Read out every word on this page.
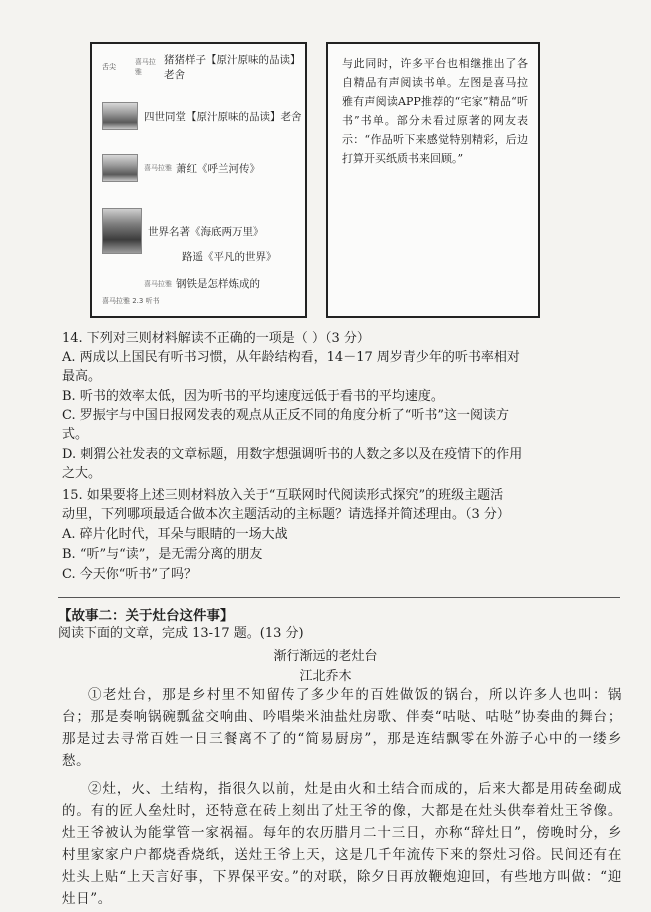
舌尖
喜马拉雅
猪猪样子【原汁原味的品读】老舍
四世同堂【原汁原味的品读】老舍
喜马拉雅 萧红《呼兰河传》
世界名著《海底两万里》
路遥《平凡的世界》
喜马拉雅 钢铁是怎样炼成的
喜马拉雅 2.3 听书
与此同时，许多平台也相继推出了各自精品有声阅读书单。左图是喜马拉雅有声阅读APP推荐的“宅家”精品“听书”书单。部分未看过原著的网友表示：“作品听下来感觉特别精彩，后边打算开买纸质书来回顾。”
14. 下列对三则材料解读不正确的一项是（ ）（3 分）
A. 两成以上国民有听书习惯，从年龄结构看，14－17 周岁青少年的听书率相对
最高。
B. 听书的效率太低，因为听书的平均速度远低于看书的平均速度。
C. 罗振宇与中国日报网发表的观点从正反不同的角度分析了“听书”这一阅读方
式。
D. 刺猬公社发表的文章标题，用数字想强调听书的人数之多以及在疫情下的作用
之大。
15. 如果要将上述三则材料放入关于“互联网时代阅读形式探究”的班级主题活
动里，下列哪项最适合做本次主题活动的主标题？请选择并简述理由。（3 分）
A. 碎片化时代，耳朵与眼睛的一场大战
B. “听”与“读”，是无需分离的朋友
C. 今天你“听书”了吗？
【故事二：关于灶台这件事】
阅读下面的文章，完成 13-17 题。(13 分)
渐行渐远的老灶台
江北乔木
①老灶台，那是乡村里不知留传了多少年的百姓做饭的锅台，所以许多人也叫：锅台；那是奏响锅碗瓢盆交响曲、吟唱柴米油盐灶房歌、伴奏“咕哒、咕哒”协奏曲的舞台；那是过去寻常百姓一日三餐离不了的“简易厨房”，那是连结飘零在外游子心中的一缕乡愁。
②灶，火、土结构，指很久以前，灶是由火和土结合而成的，后来大都是用砖垒砌成的。有的匠人垒灶时，还特意在砖上刻出了灶王爷的像，大都是在灶头供奉着灶王爷像。灶王爷被认为能掌管一家祸福。每年的农历腊月二十三日，亦称“辞灶日”，傍晚时分，乡村里家家户户都烧香烧纸，送灶王爷上天，这是几千年流传下来的祭灶习俗。民间还有在灶头上贴“上天言好事，下界保平安。”的对联，除夕日再放鞭炮迎回，有些地方叫做：“迎灶日”。
